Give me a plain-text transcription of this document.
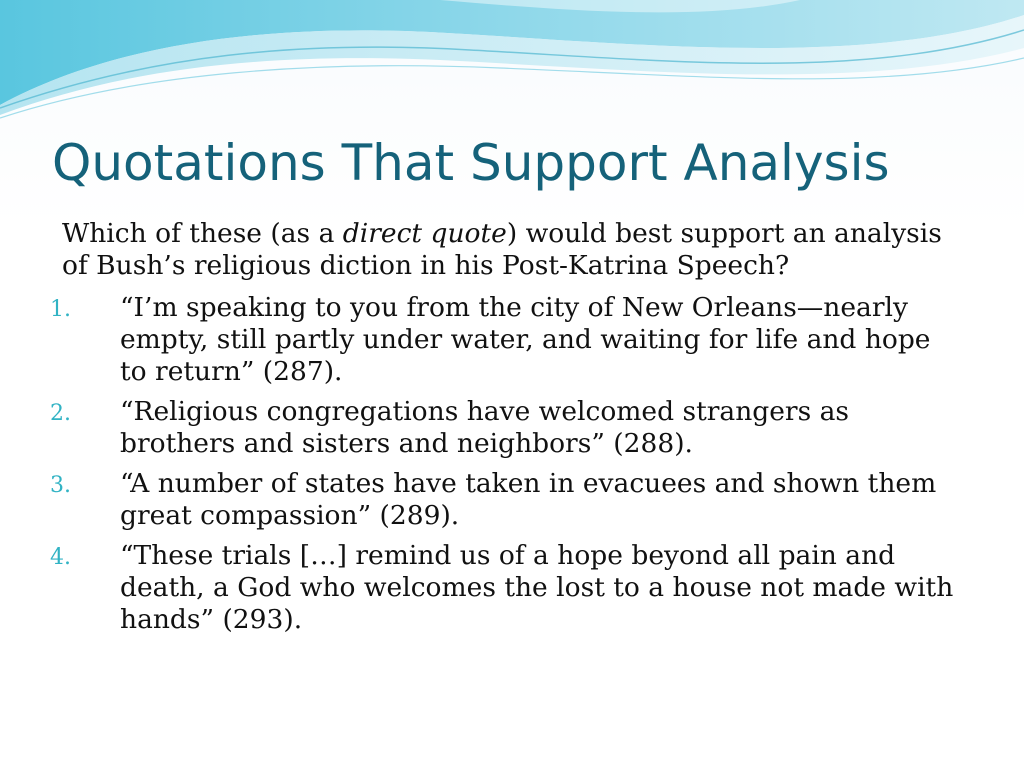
Quotations That Support Analysis

Which of these (as a direct quote) would best support an analysis of Bush’s religious diction in his Post-Katrina Speech?

1. “I’m speaking to you from the city of New Orleans—nearly empty, still partly under water, and waiting for life and hope to return” (287).
2. “Religious congregations have welcomed strangers as brothers and sisters and neighbors” (288).
3. “A number of states have taken in evacuees and shown them great compassion” (289).
4. “These trials […] remind us of a hope beyond all pain and death, a God who welcomes the lost to a house not made with hands” (293).
